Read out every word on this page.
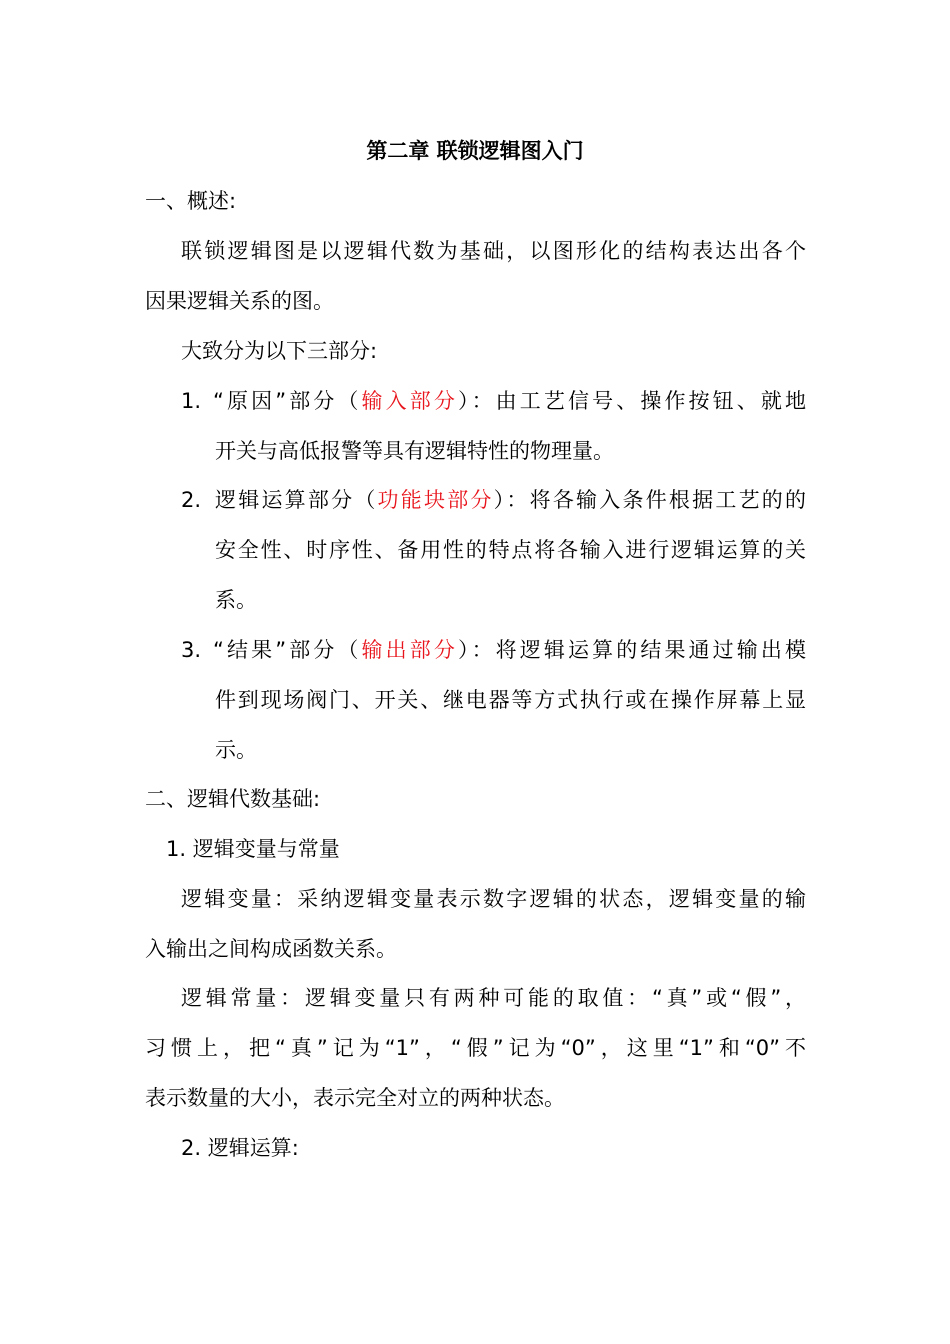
第二章 联锁逻辑图入门
一、概述:
联锁逻辑图是以逻辑代数为基础，以图形化的结构表达出各个
因果逻辑关系的图。
大致分为以下三部分:
1. “原因”部分（输入部分）：由工艺信号、操作按钮、就地
开关与高低报警等具有逻辑特性的物理量。
2. 逻辑运算部分（功能块部分）：将各输入条件根据工艺的的
安全性、时序性、备用性的特点将各输入进行逻辑运算的关
系。
3. “结果”部分（输出部分）：将逻辑运算的结果通过输出模
件到现场阀门、开关、继电器等方式执行或在操作屏幕上显
示。
二、逻辑代数基础:
1. 逻辑变量与常量
逻辑变量：采纳逻辑变量表示数字逻辑的状态，逻辑变量的输
入输出之间构成函数关系。
逻辑常量：逻辑变量只有两种可能的取值：“真”或“假”，
习惯上，把“真”记为“1”，“假”记为“0”，这里“1”和“0”不
表示数量的大小，表示完全对立的两种状态。
2. 逻辑运算:
